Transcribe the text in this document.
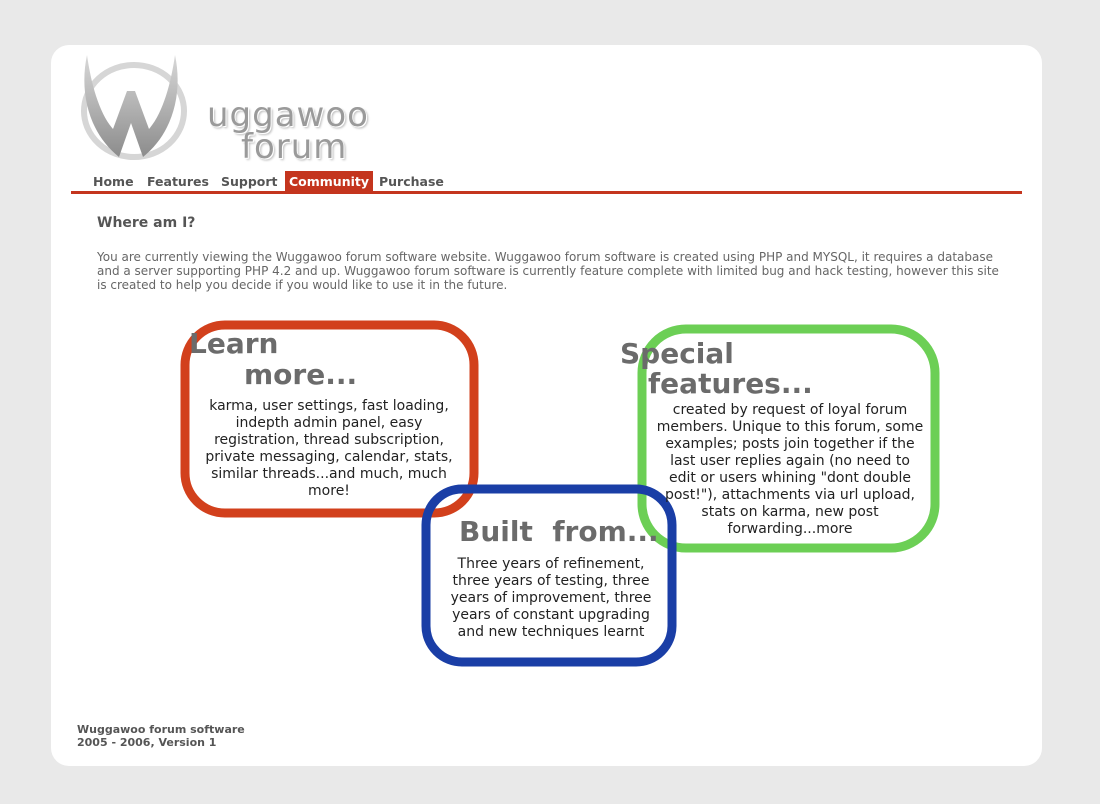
uggawoo
forum
Home	Features Support Community Purchase
Where am I?
You are currently viewing the Wuggawoo forum software website. Wuggawoo forum software is created using PHP and MYSQL, it requires a database and a server supporting PHP 4.2 and up. Wuggawoo forum software is currently feature complete with limited bug and hack testing, however this site is created to help you decide if you would like to use it in the future.
Learn
more...
karma, user settings, fast loading, indepth admin panel, easy registration, thread subscription, private messaging, calendar, stats, similar threads...and much, much more!
Special
features...
created by request of loyal forum members. Unique to this forum, some examples; posts join together if the last user replies again (no need to edit or users whining "dont double post!"), attachments via url upload, stats on karma, new post forwarding...more
Built  from...
Three years of refinement, three years of testing, three years of improvement, three years of constant upgrading and new techniques learnt
Wuggawoo forum software
2005 - 2006, Version 1
